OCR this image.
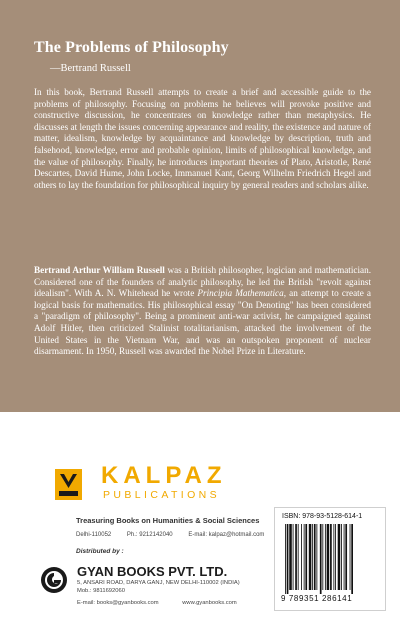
The Problems of Philosophy
—Bertrand Russell

In this book, Bertrand Russell attempts to create a brief and accessible guide to the problems of philosophy. Focusing on problems he believes will provoke positive and constructive discussion, he concentrates on knowledge rather than metaphysics. He discusses at length the issues concerning appearance and reality, the existence and nature of matter, idealism, knowledge by acquaintance and knowledge by description, truth and falsehood, knowledge, error and probable opinion, limits of philosophical knowledge, and the value of philosophy. Finally, he introduces important theories of Plato, Aristotle, René Descartes, David Hume, John Locke, Immanuel Kant, Georg Wilhelm Friedrich Hegel and others to lay the foundation for philosophical inquiry by general readers and scholars alike.

Bertrand Arthur William Russell was a British philosopher, logician and mathematician. Considered one of the founders of analytic philosophy, he led the British "revolt against idealism". With A. N. Whitehead he wrote Principia Mathematica, an attempt to create a logical basis for mathematics. His philosophical essay "On Denoting" has been considered a "paradigm of philosophy". Being a prominent anti-war activist, he campaigned against Adolf Hitler, then criticized Stalinist totalitarianism, attacked the involvement of the United States in the Vietnam War, and was an outspoken proponent of nuclear disarmament. In 1950, Russell was awarded the Nobel Prize in Literature.

KALPAZ
PUBLICATIONS
Treasuring Books on Humanities & Social Sciences
Delhi-110052	Ph.: 9212142040	E-mail: kalpaz@hotmail.com
Distributed by :
GYAN BOOKS PVT. LTD.
5, ANSARI ROAD, DARYA GANJ, NEW DELHI-110002 (INDIA)
Mob.: 9811692060
E-mail: books@gyanbooks.com	www.gyanbooks.com
ISBN: 978-93-5128-614-1
9 789351 286141
